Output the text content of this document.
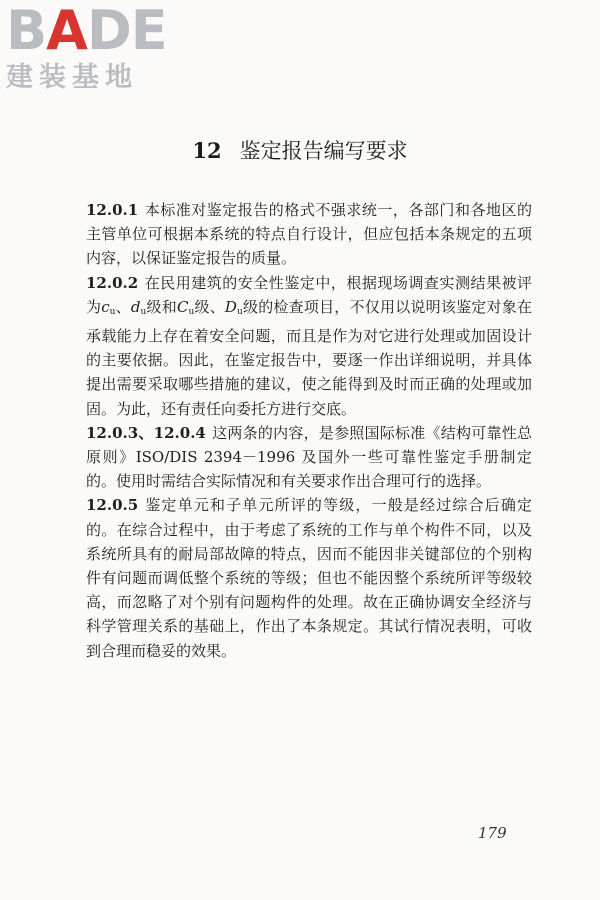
BADE
建装基地
12 鉴定报告编写要求

12.0.1 本标准对鉴定报告的格式不强求统一，各部门和各地区的主管单位可根据本系统的特点自行设计，但应包括本条规定的五项内容，以保证鉴定报告的质量。

12.0.2 在民用建筑的安全性鉴定中，根据现场调查实测结果被评为$c_u$、$d_u$级和$C_u$级、$D_u$级的检查项目，不仅用以说明该鉴定对象在承载能力上存在着安全问题，而且是作为对它进行处理或加固设计的主要依据。因此，在鉴定报告中，要逐一作出详细说明，并具体提出需要采取哪些措施的建议，使之能得到及时而正确的处理或加固。为此，还有责任向委托方进行交底。

12.0.3、12.0.4 这两条的内容，是参照国际标准《结构可靠性总原则》ISO/DIS 2394－1996 及国外一些可靠性鉴定手册制定的。使用时需结合实际情况和有关要求作出合理可行的选择。

12.0.5 鉴定单元和子单元所评的等级，一般是经过综合后确定的。在综合过程中，由于考虑了系统的工作与单个构件不同，以及系统所具有的耐局部故障的特点，因而不能因非关键部位的个别构件有问题而调低整个系统的等级；但也不能因整个系统所评等级较高，而忽略了对个别有问题构件的处理。故在正确协调安全经济与科学管理关系的基础上，作出了本条规定。其试行情况表明，可收到合理而稳妥的效果。

179
